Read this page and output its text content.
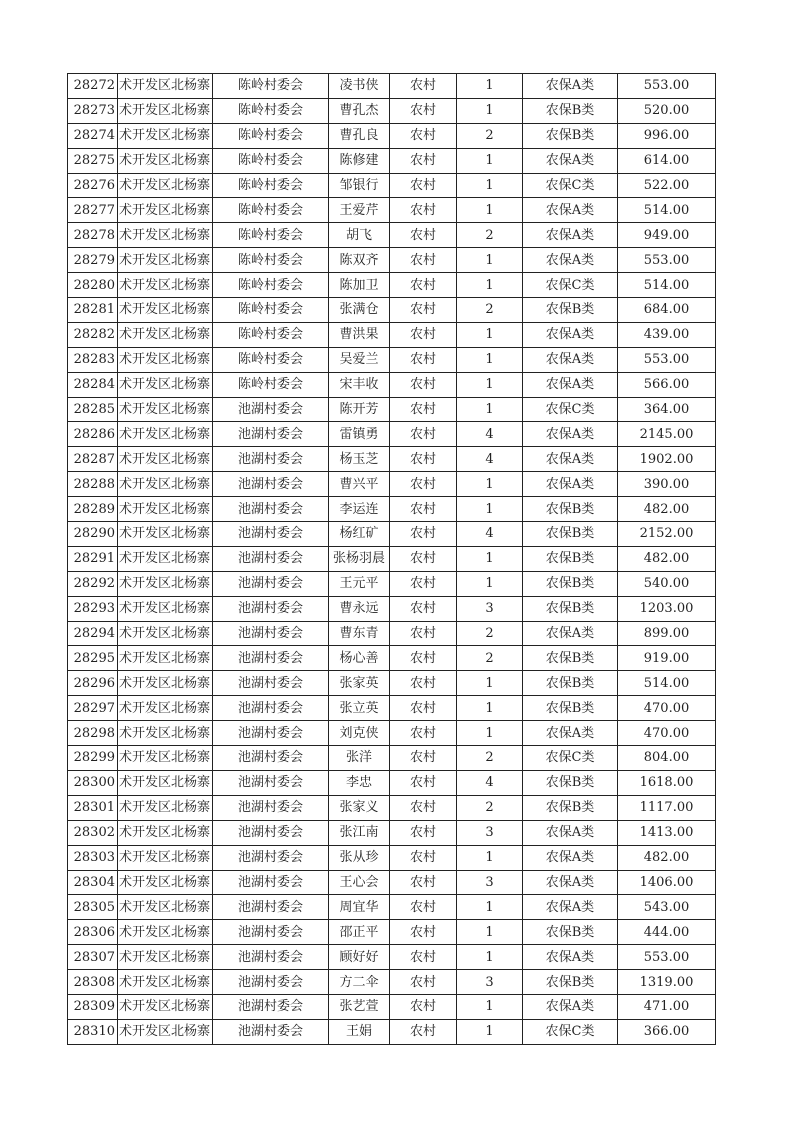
28272	术开发区北杨寨	陈岭村委会	凌书侠	农村	1	农保A类	553.00
28273	术开发区北杨寨	陈岭村委会	曹孔杰	农村	1	农保B类	520.00
28274	术开发区北杨寨	陈岭村委会	曹孔良	农村	2	农保B类	996.00
28275	术开发区北杨寨	陈岭村委会	陈修建	农村	1	农保A类	614.00
28276	术开发区北杨寨	陈岭村委会	邹银行	农村	1	农保C类	522.00
28277	术开发区北杨寨	陈岭村委会	王爱芹	农村	1	农保A类	514.00
28278	术开发区北杨寨	陈岭村委会	胡飞	农村	2	农保A类	949.00
28279	术开发区北杨寨	陈岭村委会	陈双齐	农村	1	农保A类	553.00
28280	术开发区北杨寨	陈岭村委会	陈加卫	农村	1	农保C类	514.00
28281	术开发区北杨寨	陈岭村委会	张满仓	农村	2	农保B类	684.00
28282	术开发区北杨寨	陈岭村委会	曹洪果	农村	1	农保A类	439.00
28283	术开发区北杨寨	陈岭村委会	吴爱兰	农村	1	农保A类	553.00
28284	术开发区北杨寨	陈岭村委会	宋丰收	农村	1	农保A类	566.00
28285	术开发区北杨寨	池湖村委会	陈开芳	农村	1	农保C类	364.00
28286	术开发区北杨寨	池湖村委会	雷镇勇	农村	4	农保A类	2145.00
28287	术开发区北杨寨	池湖村委会	杨玉芝	农村	4	农保A类	1902.00
28288	术开发区北杨寨	池湖村委会	曹兴平	农村	1	农保A类	390.00
28289	术开发区北杨寨	池湖村委会	李运连	农村	1	农保B类	482.00
28290	术开发区北杨寨	池湖村委会	杨红矿	农村	4	农保B类	2152.00
28291	术开发区北杨寨	池湖村委会	张杨羽晨	农村	1	农保B类	482.00
28292	术开发区北杨寨	池湖村委会	王元平	农村	1	农保B类	540.00
28293	术开发区北杨寨	池湖村委会	曹永远	农村	3	农保B类	1203.00
28294	术开发区北杨寨	池湖村委会	曹东青	农村	2	农保A类	899.00
28295	术开发区北杨寨	池湖村委会	杨心善	农村	2	农保B类	919.00
28296	术开发区北杨寨	池湖村委会	张家英	农村	1	农保B类	514.00
28297	术开发区北杨寨	池湖村委会	张立英	农村	1	农保B类	470.00
28298	术开发区北杨寨	池湖村委会	刘克侠	农村	1	农保A类	470.00
28299	术开发区北杨寨	池湖村委会	张洋	农村	2	农保C类	804.00
28300	术开发区北杨寨	池湖村委会	李忠	农村	4	农保B类	1618.00
28301	术开发区北杨寨	池湖村委会	张家义	农村	2	农保B类	1117.00
28302	术开发区北杨寨	池湖村委会	张江南	农村	3	农保A类	1413.00
28303	术开发区北杨寨	池湖村委会	张从珍	农村	1	农保A类	482.00
28304	术开发区北杨寨	池湖村委会	王心会	农村	3	农保A类	1406.00
28305	术开发区北杨寨	池湖村委会	周宜华	农村	1	农保A类	543.00
28306	术开发区北杨寨	池湖村委会	邵正平	农村	1	农保B类	444.00
28307	术开发区北杨寨	池湖村委会	顾好好	农村	1	农保A类	553.00
28308	术开发区北杨寨	池湖村委会	方二伞	农村	3	农保B类	1319.00
28309	术开发区北杨寨	池湖村委会	张艺萱	农村	1	农保A类	471.00
28310	术开发区北杨寨	池湖村委会	王娟	农村	1	农保C类	366.00
